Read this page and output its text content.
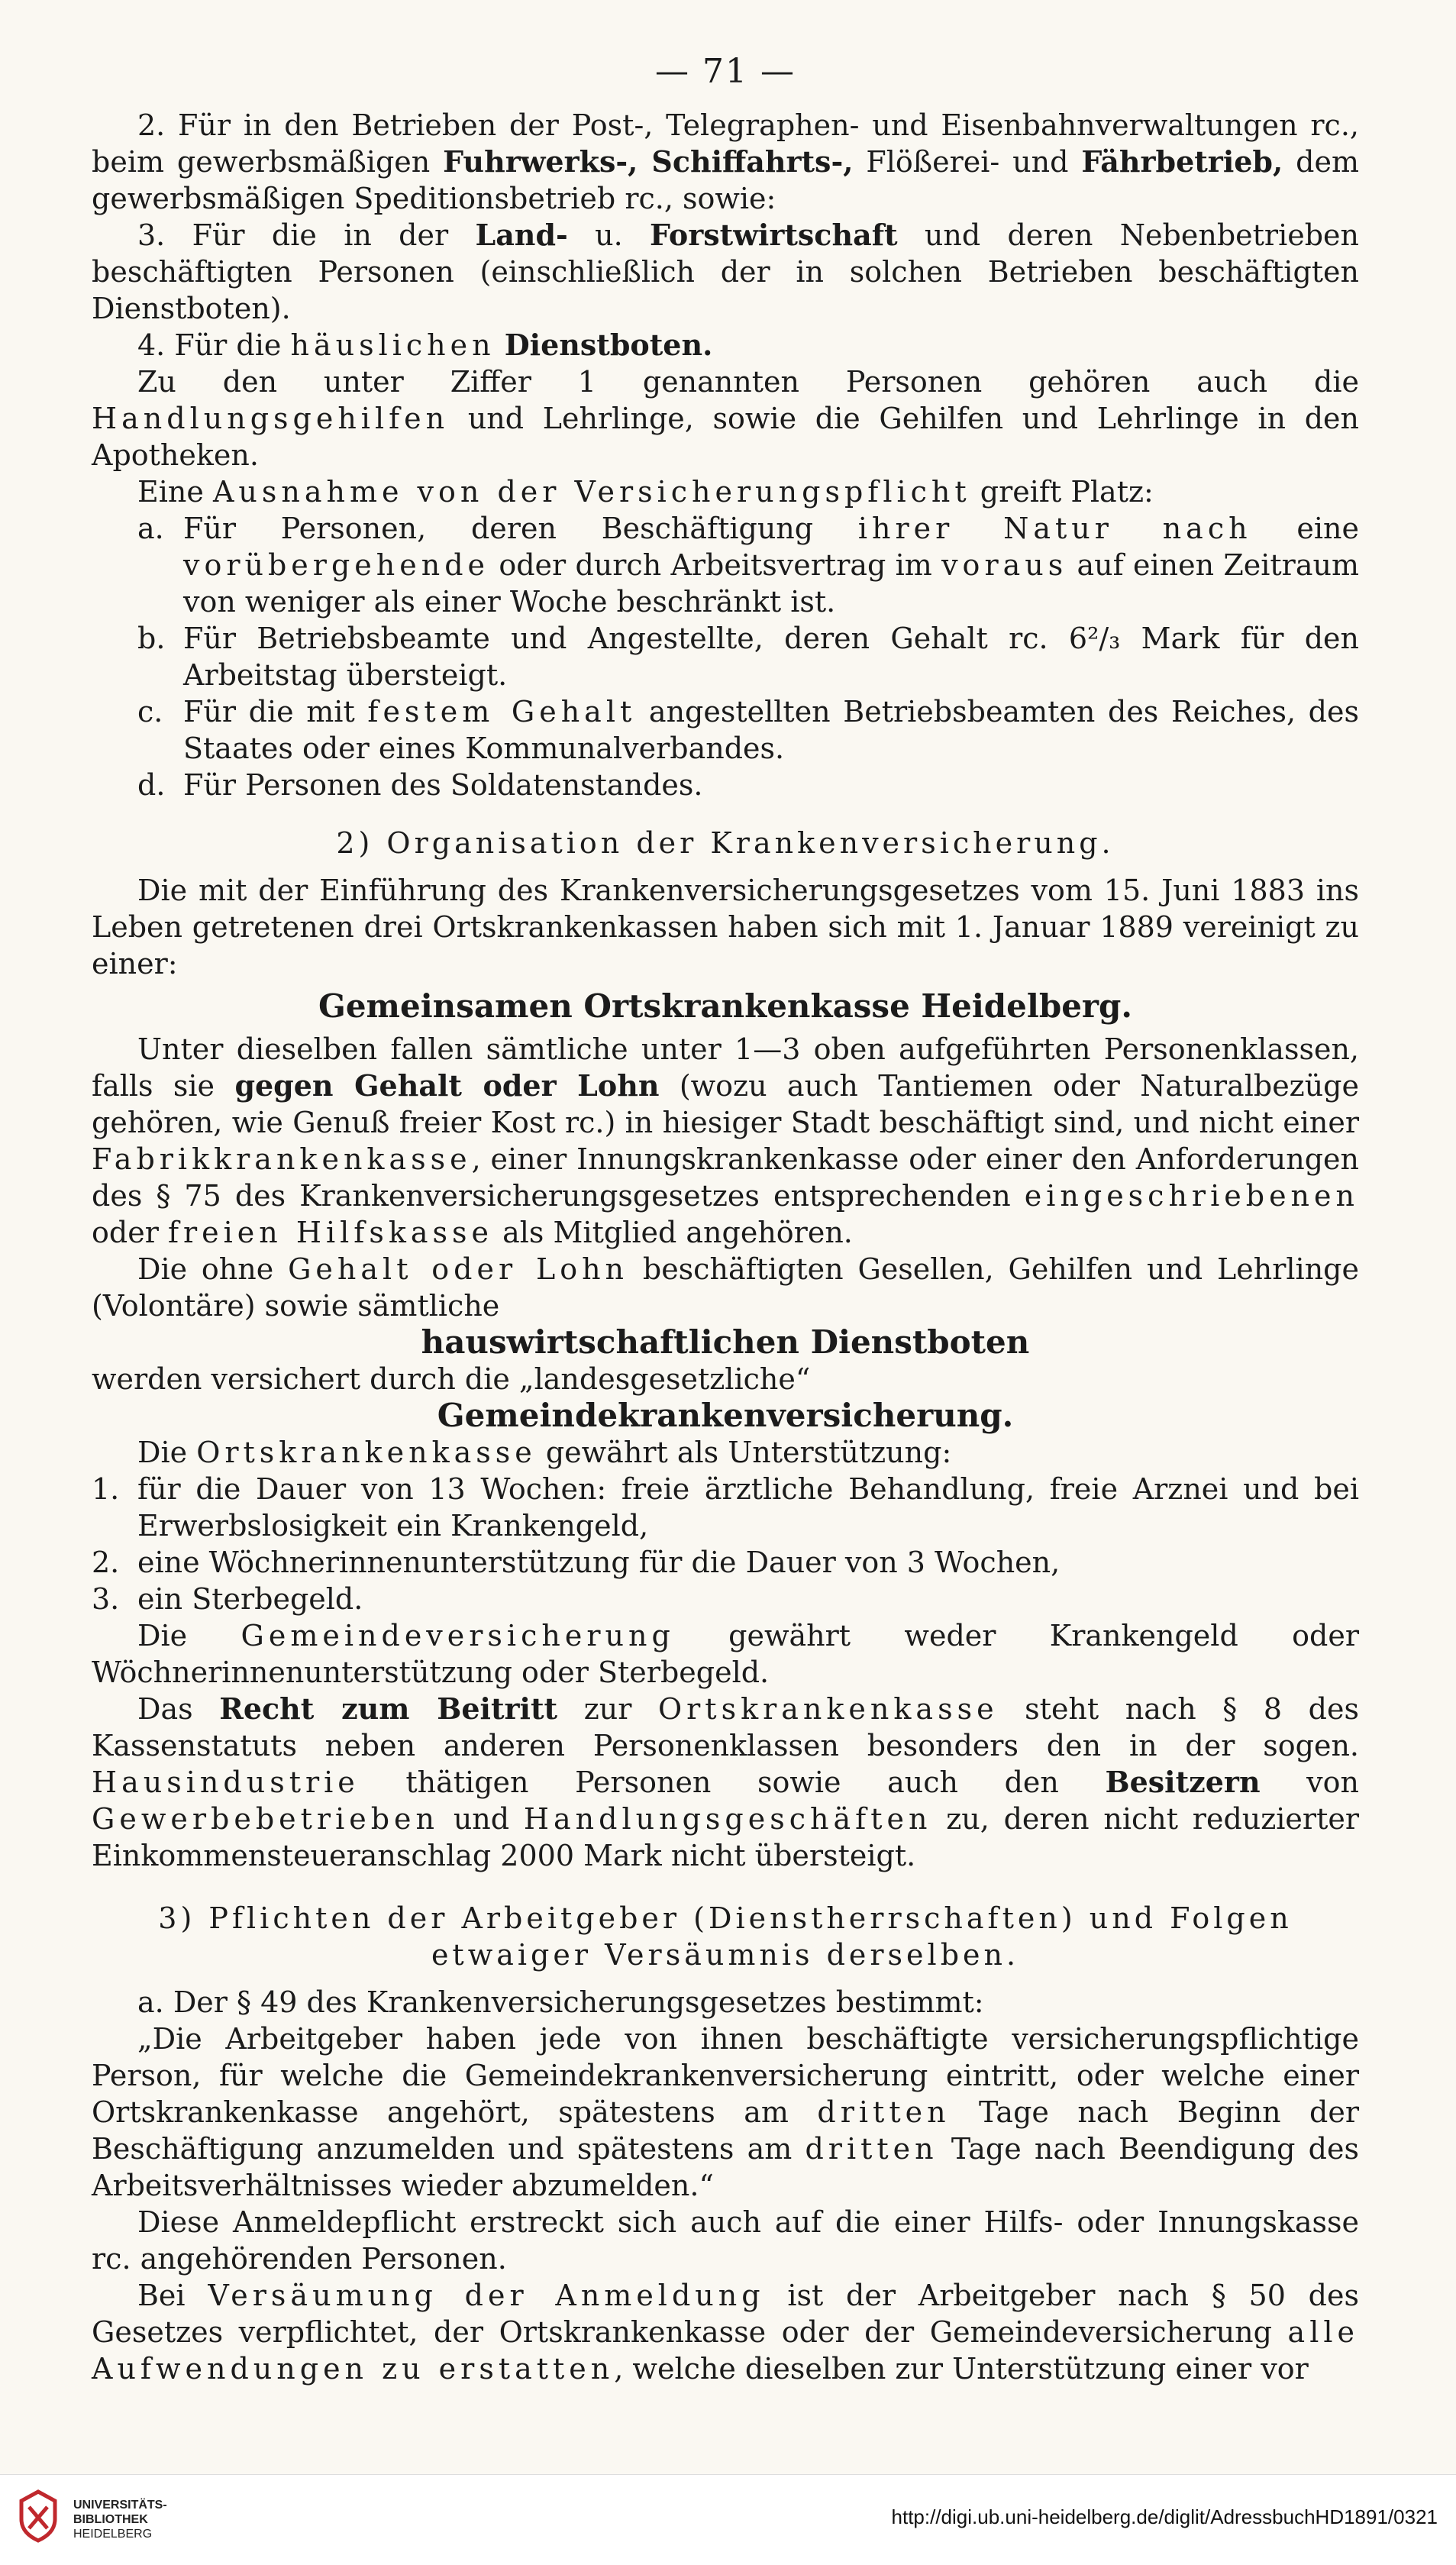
— 71 —

2. Für in den Betrieben der Post-, Telegraphen- und Eisenbahnverwaltungen rc., beim gewerbsmäßigen Fuhrwerks-, Schiffahrts-, Flößerei- und Fährbetrieb, dem gewerbsmäßigen Speditionsbetrieb rc., sowie:

3. Für die in der Land- u. Forstwirtschaft und deren Nebenbetrieben beschäftigten Personen (einschließlich der in solchen Betrieben beschäftigten Dienstboten).

4. Für die häuslichen Dienstboten.

Zu den unter Ziffer 1 genannten Personen gehören auch die Handlungsgehilfen und Lehrlinge, sowie die Gehilfen und Lehrlinge in den Apotheken.

Eine Ausnahme von der Versicherungspflicht greift Platz:

a. Für Personen, deren Beschäftigung ihrer Natur nach eine vorübergehende oder durch Arbeitsvertrag im voraus auf einen Zeitraum von weniger als einer Woche beschränkt ist.

b. Für Betriebsbeamte und Angestellte, deren Gehalt rc. 6²/₃ Mark für den Arbeitstag übersteigt.

c. Für die mit festem Gehalt angestellten Betriebsbeamten des Reiches, des Staates oder eines Kommunalverbandes.

d. Für Personen des Soldatenstandes.

2) Organisation der Krankenversicherung.

Die mit der Einführung des Krankenversicherungsgesetzes vom 15. Juni 1883 ins Leben getretenen drei Ortskrankenkassen haben sich mit 1. Januar 1889 vereinigt zu einer:

Gemeinsamen Ortskrankenkasse Heidelberg.

Unter dieselben fallen sämtliche unter 1—3 oben aufgeführten Personenklassen, falls sie gegen Gehalt oder Lohn (wozu auch Tantiemen oder Naturalbezüge gehören, wie Genuß freier Kost rc.) in hiesiger Stadt beschäftigt sind, und nicht einer Fabrikkrankenkasse, einer Innungskrankenkasse oder einer den Anforderungen des § 75 des Krankenversicherungsgesetzes entsprechenden eingeschriebenen oder freien Hilfskasse als Mitglied angehören.

Die ohne Gehalt oder Lohn beschäftigten Gesellen, Gehilfen und Lehrlinge (Volontäre) sowie sämtliche

hauswirtschaftlichen Dienstboten

werden versichert durch die „landesgesetzliche“

Gemeindekrankenversicherung.

Die Ortskrankenkasse gewährt als Unterstützung:

1. für die Dauer von 13 Wochen: freie ärztliche Behandlung, freie Arznei und bei Erwerbslosigkeit ein Krankengeld,

2. eine Wöchnerinnenunterstützung für die Dauer von 3 Wochen,

3. ein Sterbegeld.

Die Gemeindeversicherung gewährt weder Krankengeld oder Wöchnerinnenunterstützung oder Sterbegeld.

Das Recht zum Beitritt zur Ortskrankenkasse steht nach § 8 des Kassenstatuts neben anderen Personenklassen besonders den in der sogen. Hausindustrie thätigen Personen sowie auch den Besitzern von Gewerbebetrieben und Handlungsgeschäften zu, deren nicht reduzierter Einkommensteueranschlag 2000 Mark nicht übersteigt.

3) Pflichten der Arbeitgeber (Dienstherrschaften) und Folgen
etwaiger Versäumnis derselben.

a. Der § 49 des Krankenversicherungsgesetzes bestimmt:

„Die Arbeitgeber haben jede von ihnen beschäftigte versicherungspflichtige Person, für welche die Gemeindekrankenversicherung eintritt, oder welche einer Ortskrankenkasse angehört, spätestens am dritten Tage nach Beginn der Beschäftigung anzumelden und spätestens am dritten Tage nach Beendigung des Arbeitsverhältnisses wieder abzumelden.“

Diese Anmeldepflicht erstreckt sich auch auf die einer Hilfs- oder Innungskasse rc. angehörenden Personen.

Bei Versäumung der Anmeldung ist der Arbeitgeber nach § 50 des Gesetzes verpflichtet, der Ortskrankenkasse oder der Gemeindeversicherung alle Aufwendungen zu erstatten, welche dieselben zur Unterstützung einer vor

UNIVERSITÄTS-
BIBLIOTHEK
HEIDELBERG
http://digi.ub.uni-heidelberg.de/diglit/AdressbuchHD1891/0321
